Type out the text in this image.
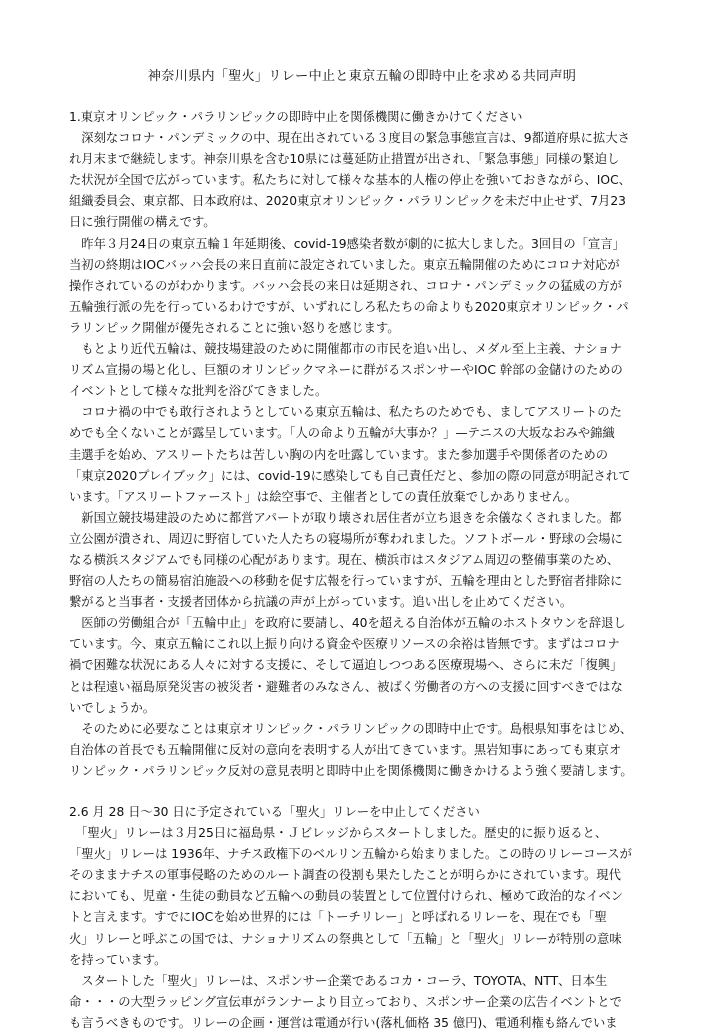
神奈川県内「聖火」リレー中止と東京五輪の即時中止を求める共同声明
1.東京オリンピック・パラリンピックの即時中止を関係機関に働きかけてください
　深刻なコロナ・パンデミックの中、現在出されている３度目の緊急事態宣言は、9都道府県に拡大さ
れ月末まで継続します。神奈川県を含む10県には蔓延防止措置が出され、「緊急事態」同様の緊迫し
た状況が全国で広がっています。私たちに対して様々な基本的人権の停止を強いておきながら、IOC、
組織委員会、東京都、日本政府は、2020東京オリンピック・パラリンピックを未だ中止せず、7月23
日に強行開催の構えです。
　昨年３月24日の東京五輪１年延期後、covid-19感染者数が劇的に拡大しました。3回目の「宣言」
当初の終期はIOCバッハ会長の来日直前に設定されていました。東京五輪開催のためにコロナ対応が
操作されているのがわかります。バッハ会長の来日は延期され、コロナ・パンデミックの猛威の方が
五輪強行派の先を行っているわけですが、いずれにしろ私たちの命よりも2020東京オリンピック・パ
ラリンピック開催が優先されることに強い怒りを感じます。
　もとより近代五輪は、競技場建設のために開催都市の市民を追い出し、メダル至上主義、ナショナ
リズム宣揚の場と化し、巨額のオリンピックマネーに群がるスポンサーやIOC 幹部の金儲けのための
イベントとして様々な批判を浴びてきました。
　コロナ禍の中でも敢行されようとしている東京五輪は、私たちのためでも、ましてアスリートのた
めでも全くないことが露呈しています。「人の命より五輪が大事か？」—テニスの大坂なおみや錦織
圭選手を始め、アスリートたちは苦しい胸の内を吐露しています。また参加選手や関係者のための
「東京2020プレイブック」には、covid-19に感染しても自己責任だと、参加の際の同意が明記されて
います。「アスリートファースト」は絵空事で、主催者としての責任放棄でしかありません。
　新国立競技場建設のために都営アパートが取り壊され居住者が立ち退きを余儀なくされました。都
立公園が潰され、周辺に野宿していた人たちの寝場所が奪われました。ソフトボール・野球の会場に
なる横浜スタジアムでも同様の心配があります。現在、横浜市はスタジアム周辺の整備事業のため、
野宿の人たちの簡易宿泊施設への移動を促す広報を行っていますが、五輪を理由とした野宿者排除に
繋がると当事者・支援者団体から抗議の声が上がっています。追い出しを止めてください。
　医師の労働組合が「五輪中止」を政府に要請し、40を超える自治体が五輪のホストタウンを辞退し
ています。今、東京五輪にこれ以上振り向ける資金や医療リソースの余裕は皆無です。まずはコロナ
禍で困難な状況にある人々に対する支援に、そして逼迫しつつある医療現場へ、さらに未だ「復興」
とは程遠い福島原発災害の被災者・避難者のみなさん、被ばく労働者の方への支援に回すべきではな
いでしょうか。
　そのために必要なことは東京オリンピック・パラリンピックの即時中止です。島根県知事をはじめ、
自治体の首長でも五輪開催に反対の意向を表明する人が出てきています。黒岩知事にあっても東京オ
リンピック・パラリンピック反対の意見表明と即時中止を関係機関に働きかけるよう強く要請します。
2.6 月 28 日～30 日に予定されている「聖火」リレーを中止してください
　「聖火」リレーは３月25日に福島県・Ｊビレッジからスタートしました。歴史的に振り返ると、
「聖火」リレーは 1936年、ナチス政権下のベルリン五輪から始まりました。この時のリレーコースが
そのままナチスの軍事侵略のためのルート調査の役割も果たしたことが明らかにされています。現代
においても、児童・生徒の動員など五輪への動員の装置として位置付けられ、極めて政治的なイベン
トと言えます。すでにIOCを始め世界的には「トーチリレー」と呼ばれるリレーを、現在でも「聖
火」リレーと呼ぶこの国では、ナショナリズムの祭典として「五輪」と「聖火」リレーが特別の意味
を持っています。
　スタートした「聖火」リレーは、スポンサー企業であるコカ・コーラ、TOYOTA、NTT、日本生
命・・・の大型ラッピング宣伝車がランナーより目立っており、スポンサー企業の広告イベントとで
も言うべきものです。リレーの企画・運営は電通が行い(落札価格 35 億円)、電通利権も絡んでいま
